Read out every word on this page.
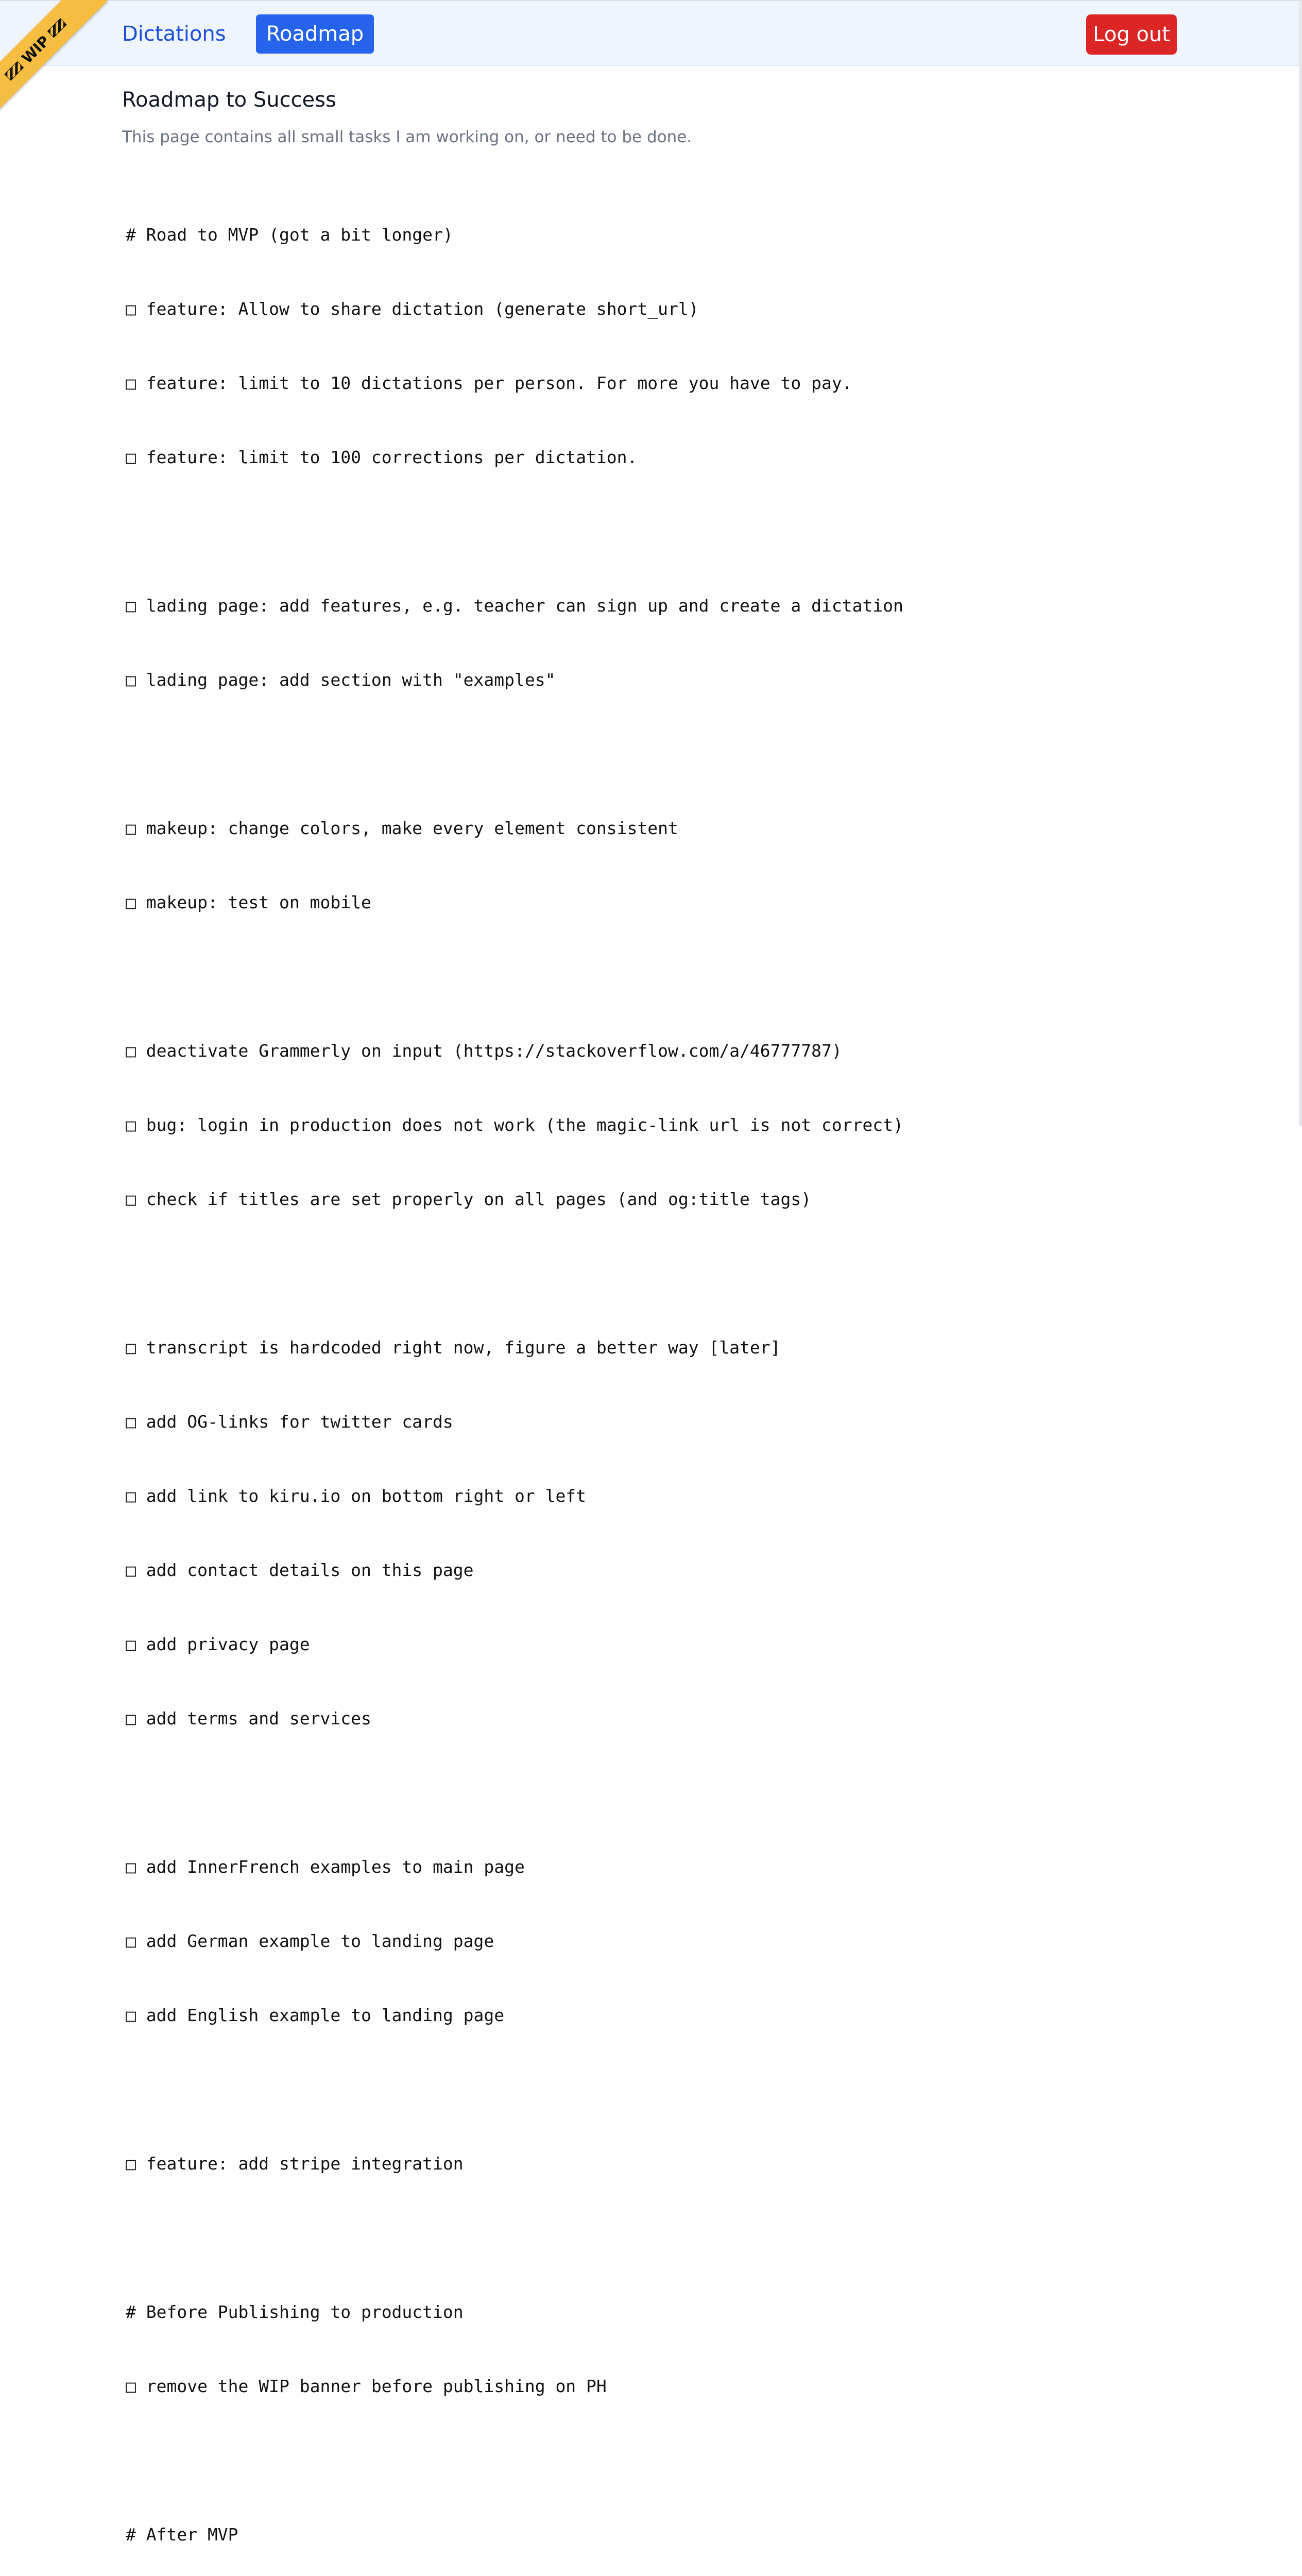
Dictations	Roadmap	Log out
WIP
Roadmap to Success
This page contains all small tasks I am working on, or need to be done.

# Road to MVP (got a bit longer)

□ feature: Allow to share dictation (generate short_url)

□ feature: limit to 10 dictations per person. For more you have to pay.

□ feature: limit to 100 corrections per dictation.

□ lading page: add features, e.g. teacher can sign up and create a dictation

□ lading page: add section with "examples"

□ makeup: change colors, make every element consistent

□ makeup: test on mobile

□ deactivate Grammerly on input (https://stackoverflow.com/a/46777787)

□ bug: login in production does not work (the magic-link url is not correct)

□ check if titles are set properly on all pages (and og:title tags)

□ transcript is hardcoded right now, figure a better way [later]

□ add OG-links for twitter cards

□ add link to kiru.io on bottom right or left

□ add contact details on this page

□ add privacy page

□ add terms and services

□ add InnerFrench examples to main page

□ add German example to landing page

□ add English example to landing page

□ feature: add stripe integration

# Before Publishing to production

□ remove the WIP banner before publishing on PH

# After MVP
